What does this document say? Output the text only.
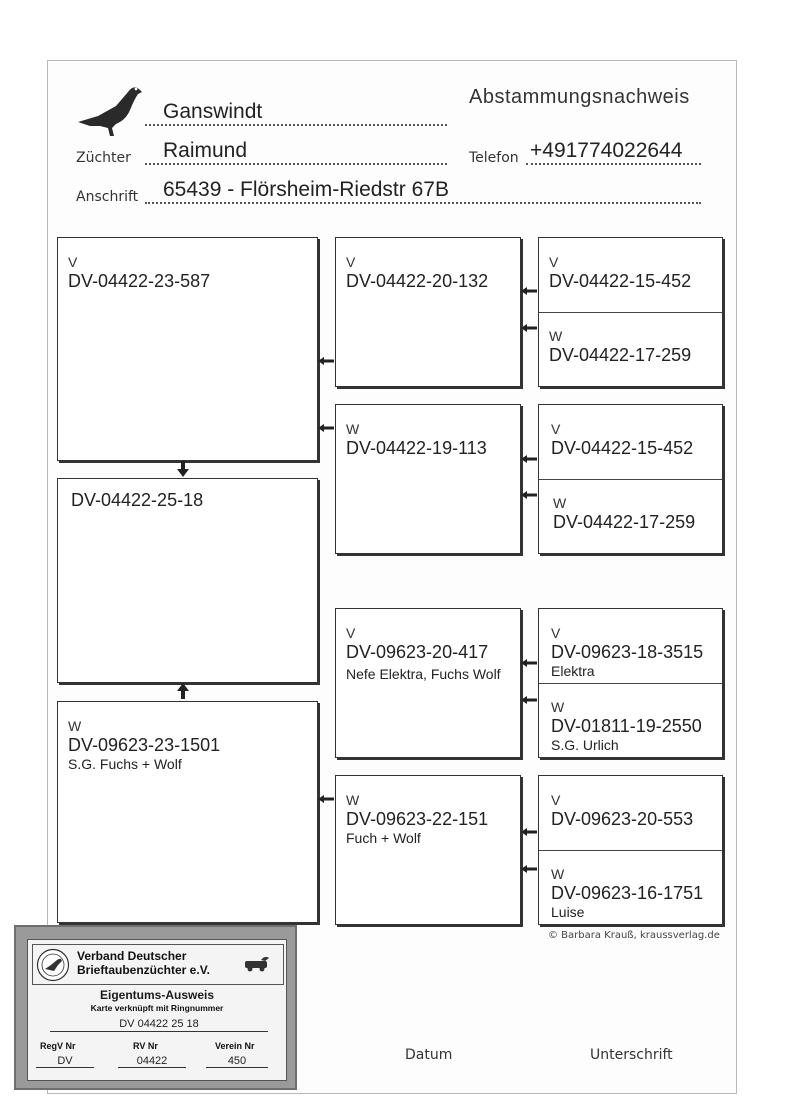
Ganswindt
Abstammungsnachweis
Züchter Raimund	Telefon +491774022644
Anschrift 65439 - Flörsheim-Riedstr 67B
V
DV-04422-23-587
DV-04422-25-18
W
DV-09623-23-1501
S.G. Fuchs + Wolf
V
DV-04422-20-132
W
DV-04422-19-113
V
DV-09623-20-417
Nefe Elektra, Fuchs Wolf
W
DV-09623-22-151
Fuch + Wolf
V
DV-04422-15-452
W
DV-04422-17-259
V
DV-04422-15-452
W
DV-04422-17-259
V
DV-09623-18-3515
Elektra
W
DV-01811-19-2550
S.G. Urlich
V
DV-09623-20-553
W
DV-09623-16-1751
Luise
© Barbara Krauß, kraussverlag.de
Datum	Unterschrift
Verband Deutscher
Brieftaubenzüchter e.V.
Eigentums-Ausweis
Karte verknüpft mit Ringnummer
DV 04422 25 18
RegV Nr	RV Nr	Verein Nr
DV	04422	450
